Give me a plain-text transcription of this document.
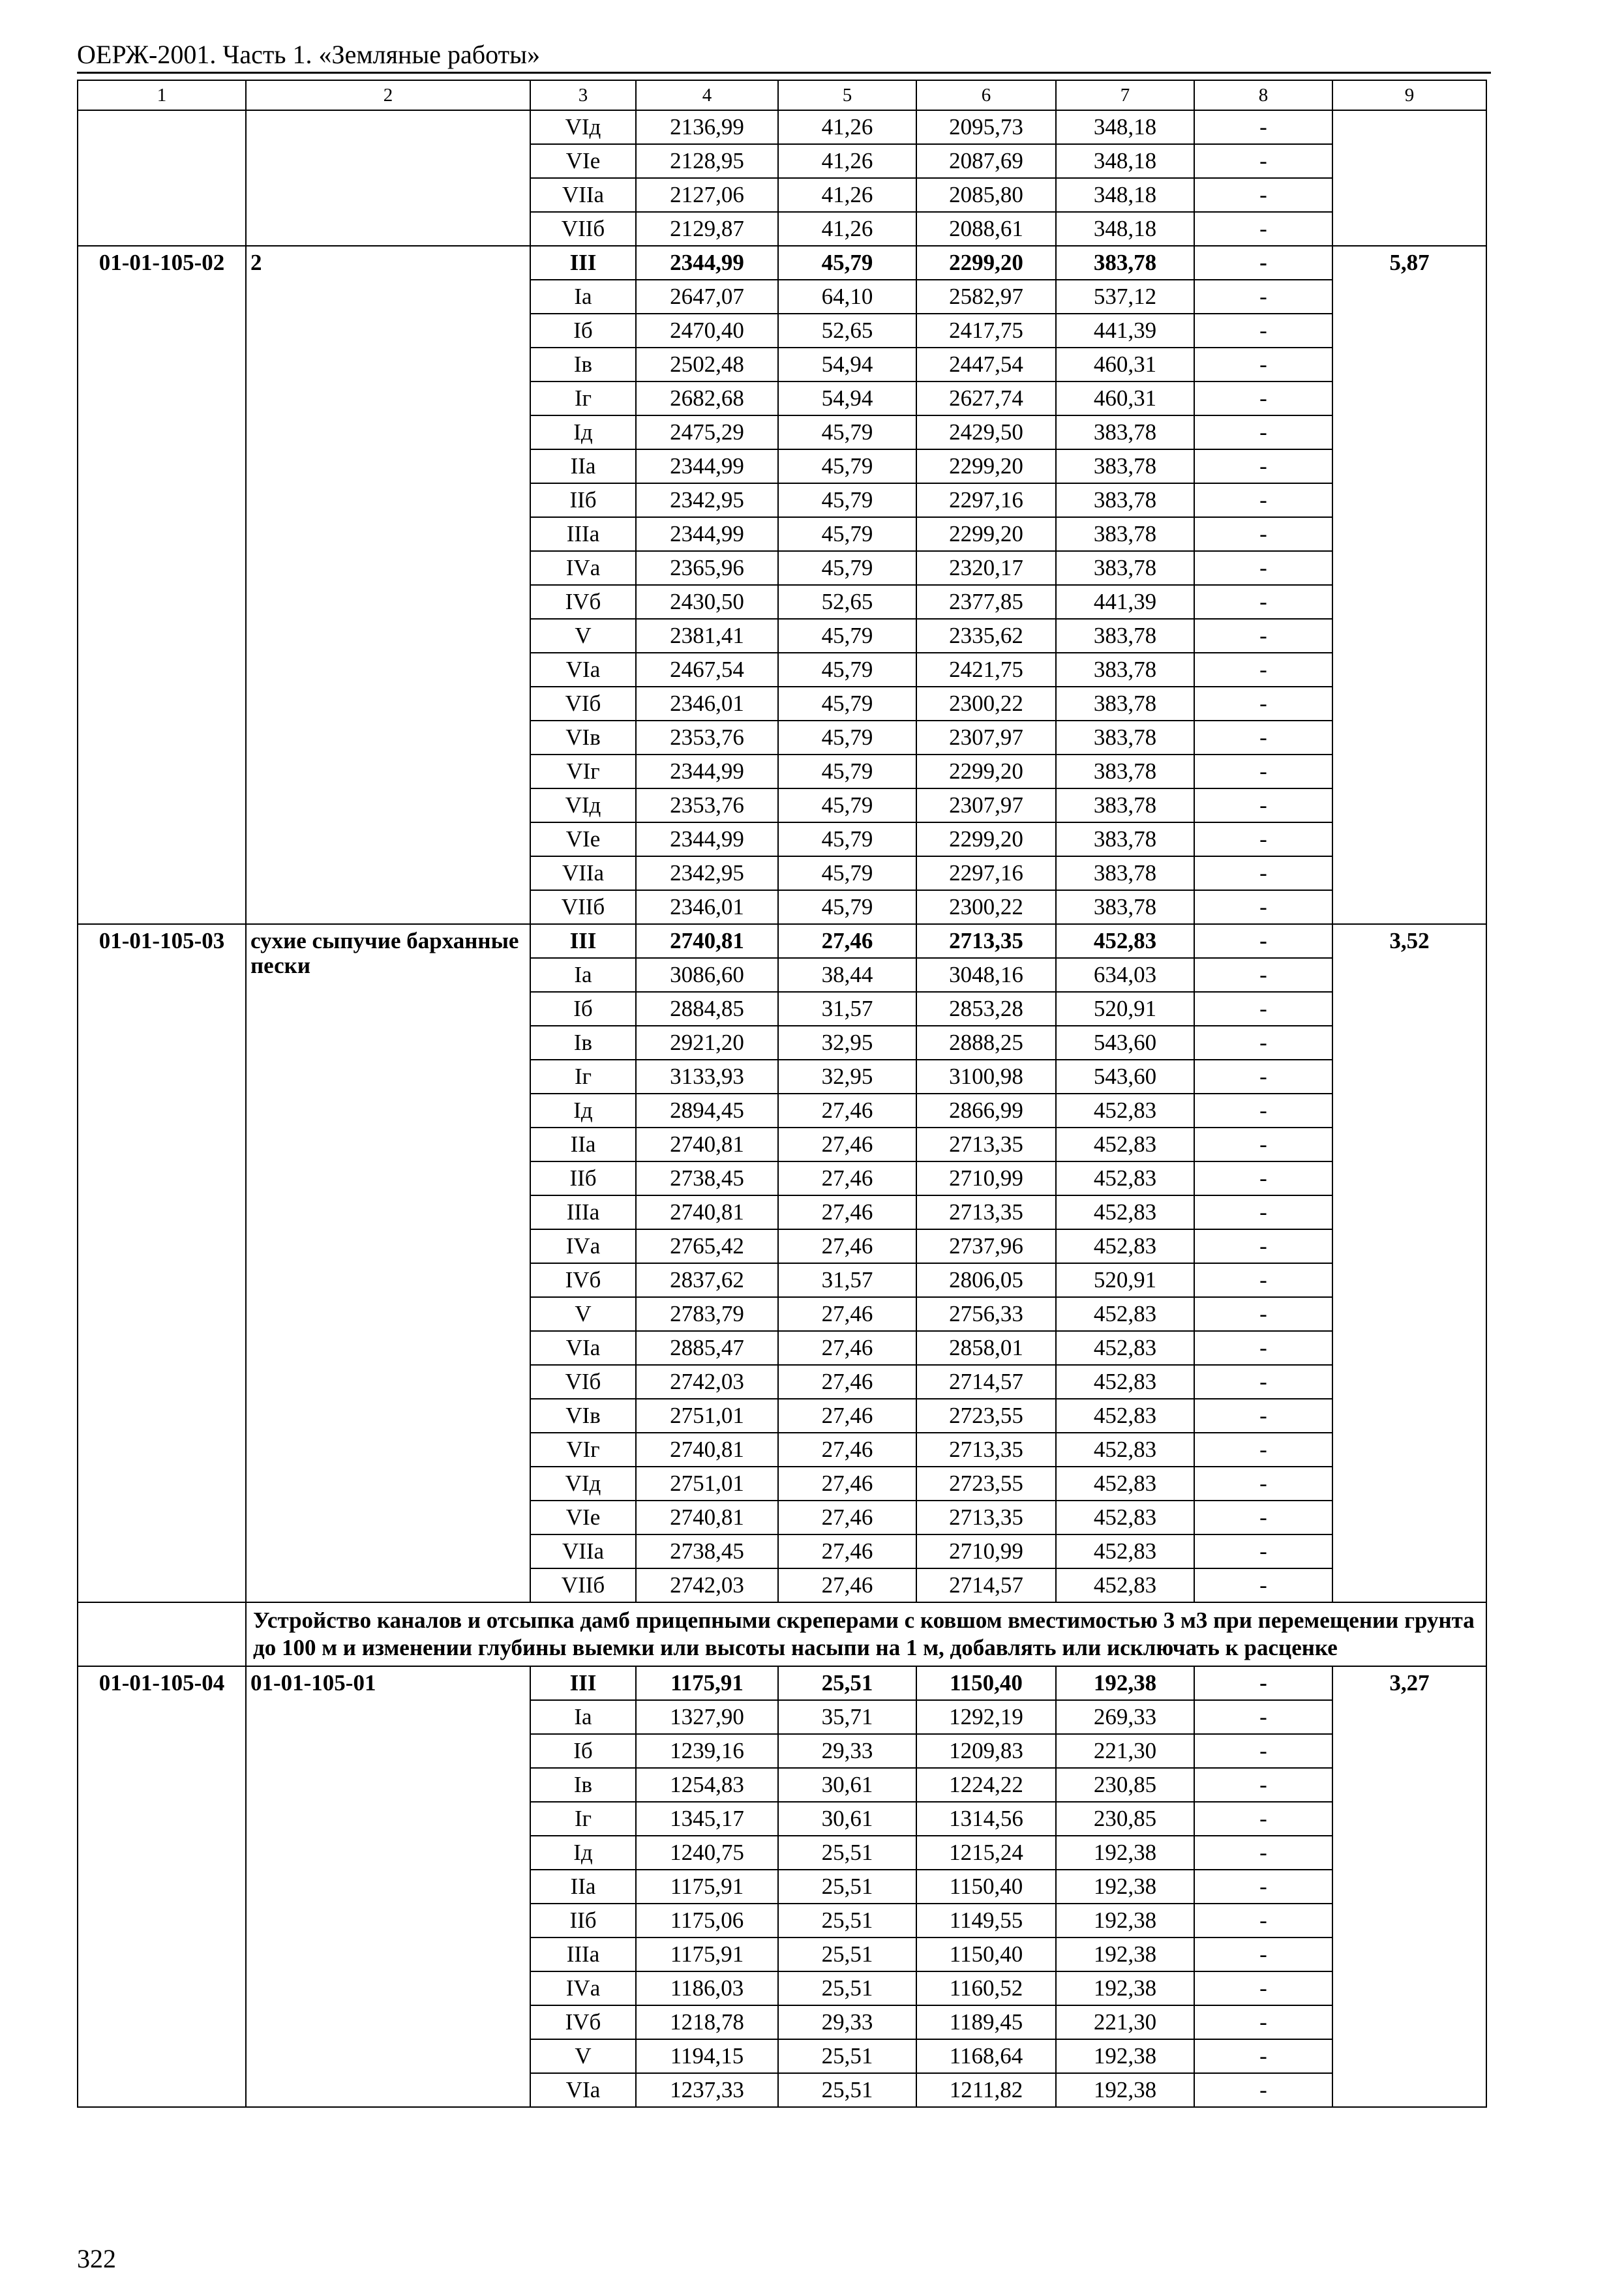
ОЕРЖ-2001. Часть 1. «Земляные работы»
1	2	3	4	5	6	7	8	9
		VIд	2136,99	41,26	2095,73	348,18	-	
		VIе	2128,95	41,26	2087,69	348,18	-	
		VIIа	2127,06	41,26	2085,80	348,18	-	
		VIIб	2129,87	41,26	2088,61	348,18	-	
01-01-105-02	2	III	2344,99	45,79	2299,20	383,78	-	5,87
		Iа	2647,07	64,10	2582,97	537,12	-	
		Iб	2470,40	52,65	2417,75	441,39	-	
		Iв	2502,48	54,94	2447,54	460,31	-	
		Iг	2682,68	54,94	2627,74	460,31	-	
		Iд	2475,29	45,79	2429,50	383,78	-	
		IIа	2344,99	45,79	2299,20	383,78	-	
		IIб	2342,95	45,79	2297,16	383,78	-	
		IIIа	2344,99	45,79	2299,20	383,78	-	
		IVа	2365,96	45,79	2320,17	383,78	-	
		IVб	2430,50	52,65	2377,85	441,39	-	
		V	2381,41	45,79	2335,62	383,78	-	
		VIа	2467,54	45,79	2421,75	383,78	-	
		VIб	2346,01	45,79	2300,22	383,78	-	
		VIв	2353,76	45,79	2307,97	383,78	-	
		VIг	2344,99	45,79	2299,20	383,78	-	
		VIд	2353,76	45,79	2307,97	383,78	-	
		VIе	2344,99	45,79	2299,20	383,78	-	
		VIIа	2342,95	45,79	2297,16	383,78	-	
		VIIб	2346,01	45,79	2300,22	383,78	-	
01-01-105-03	сухие сыпучие барханные пески	III	2740,81	27,46	2713,35	452,83	-	3,52
		Iа	3086,60	38,44	3048,16	634,03	-	
		Iб	2884,85	31,57	2853,28	520,91	-	
		Iв	2921,20	32,95	2888,25	543,60	-	
		Iг	3133,93	32,95	3100,98	543,60	-	
		Iд	2894,45	27,46	2866,99	452,83	-	
		IIа	2740,81	27,46	2713,35	452,83	-	
		IIб	2738,45	27,46	2710,99	452,83	-	
		IIIа	2740,81	27,46	2713,35	452,83	-	
		IVа	2765,42	27,46	2737,96	452,83	-	
		IVб	2837,62	31,57	2806,05	520,91	-	
		V	2783,79	27,46	2756,33	452,83	-	
		VIа	2885,47	27,46	2858,01	452,83	-	
		VIб	2742,03	27,46	2714,57	452,83	-	
		VIв	2751,01	27,46	2723,55	452,83	-	
		VIг	2740,81	27,46	2713,35	452,83	-	
		VIд	2751,01	27,46	2723,55	452,83	-	
		VIе	2740,81	27,46	2713,35	452,83	-	
		VIIа	2738,45	27,46	2710,99	452,83	-	
		VIIб	2742,03	27,46	2714,57	452,83	-	
	Устройство каналов и отсыпка дамб прицепными скреперами с ковшом вместимостью 3 м3 при перемещении грунта до 100 м и изменении глубины выемки или высоты насыпи на 1 м, добавлять или исключать к расценке							
01-01-105-04	01-01-105-01	III	1175,91	25,51	1150,40	192,38	-	3,27
		Iа	1327,90	35,71	1292,19	269,33	-	
		Iб	1239,16	29,33	1209,83	221,30	-	
		Iв	1254,83	30,61	1224,22	230,85	-	
		Iг	1345,17	30,61	1314,56	230,85	-	
		Iд	1240,75	25,51	1215,24	192,38	-	
		IIа	1175,91	25,51	1150,40	192,38	-	
		IIб	1175,06	25,51	1149,55	192,38	-	
		IIIа	1175,91	25,51	1150,40	192,38	-	
		IVа	1186,03	25,51	1160,52	192,38	-	
		IVб	1218,78	29,33	1189,45	221,30	-	
		V	1194,15	25,51	1168,64	192,38	-	
		VIа	1237,33	25,51	1211,82	192,38	-	
322
